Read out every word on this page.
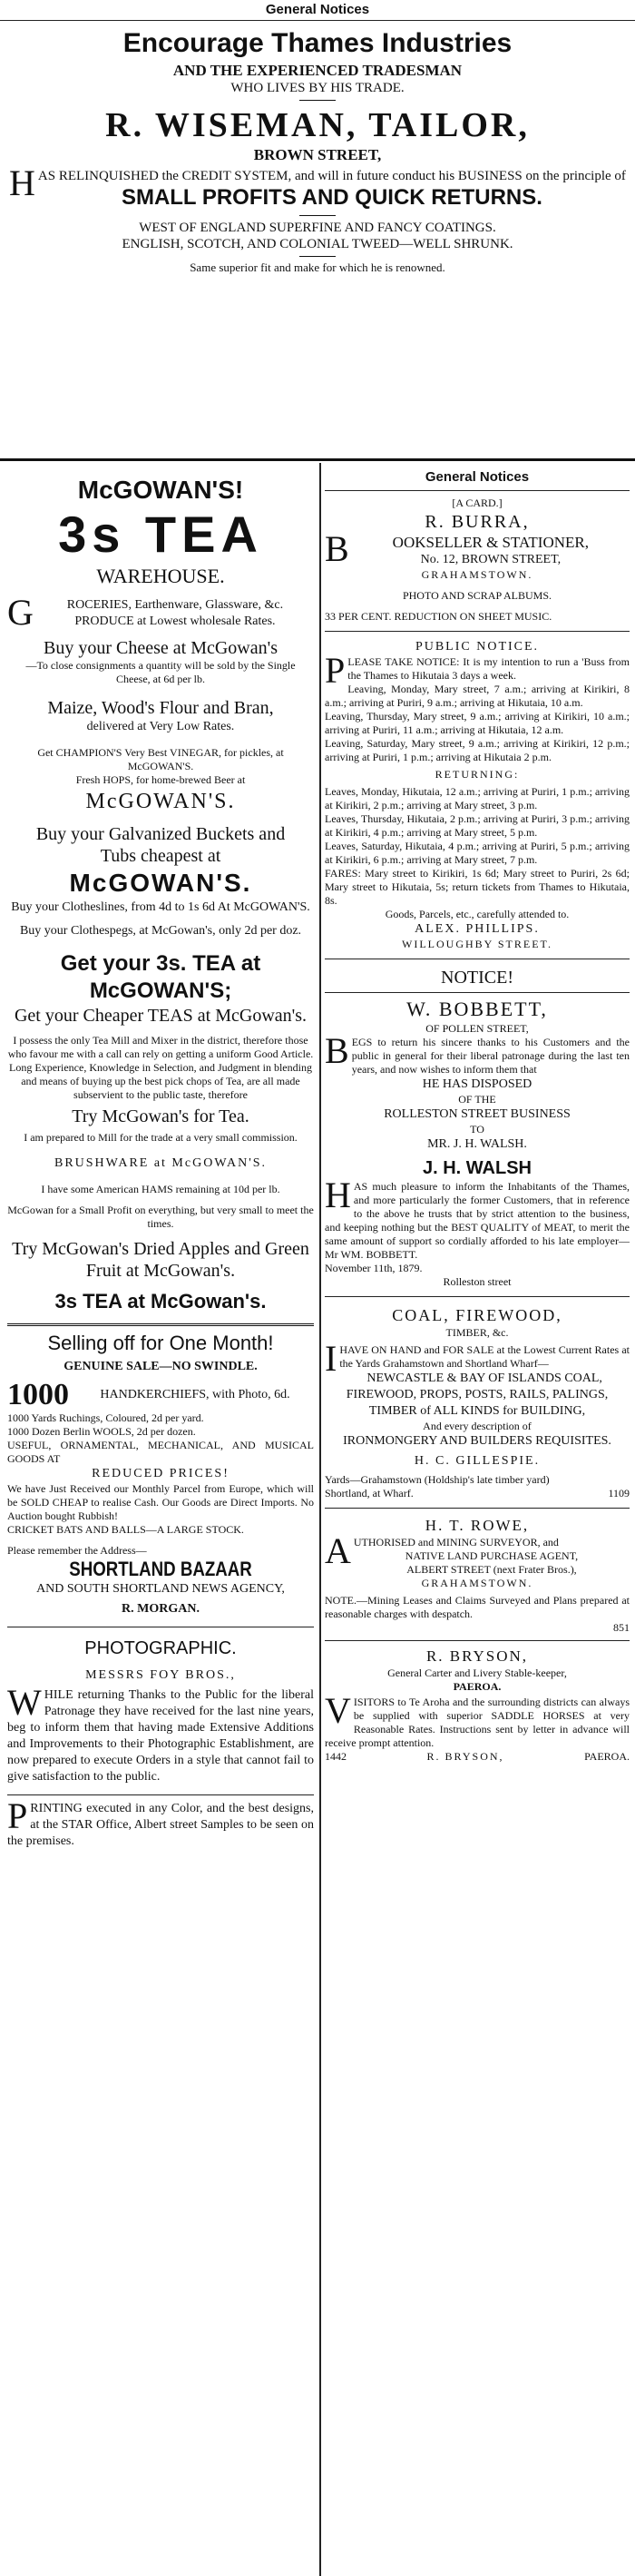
General Notices
Encourage Thames Industries
AND THE EXPERIENCED TRADESMAN
WHO LIVES BY HIS TRADE.
R. WISEMAN, TAILOR,
BROWN STREET,
HAS RELINQUISHED the CREDIT SYSTEM, and will in future conduct his BUSINESS on the principle of
SMALL PROFITS AND QUICK RETURNS.
WEST OF ENGLAND SUPERFINE AND FANCY COATINGS.
ENGLISH, SCOTCH, AND COLONIAL TWEED—WELL SHRUNK.
Same superior fit and make for which he is renowned.
McGOWAN'S!
3s TEA
WAREHOUSE.
GROCERIES, Earthenware, Glassware, &c.
PRODUCE at Lowest wholesale Rates.
Buy your Cheese at McGowan's
—To close consignments a quantity will be sold by the Single Cheese, at 6d per lb.
Maize, Wood's Flour and Bran,
delivered at Very Low Rates.
Get CHAMPION'S Very Best VINEGAR, for pickles, at McGOWAN'S.
Fresh HOPS, for home-brewed Beer at
McGOWAN'S.
Buy your Galvanized Buckets and Tubs cheapest at
McGOWAN'S.
Buy your Clotheslines, from 4d to 1s 6d At McGOWAN'S.
Buy your Clothespegs, at McGowan's, only 2d per doz.
Get your 3s. TEA at McGOWAN'S;
Get your Cheaper TEAS at McGowan's.
I possess the only Tea Mill and Mixer in the district, therefore those who favour me with a call can rely on getting a uniform Good Article.
Long Experience, Knowledge in Selection, and Judgment in blending and means of buying up the best pick chops of Tea, are all made subservient to the public taste, therefore
Try McGowan's for Tea.
I am prepared to Mill for the trade at a very small commission.
BRUSHWARE at McGOWAN'S.
I have some American HAMS remaining at 10d per lb.
McGowan for a Small Profit on everything, but very small to meet the times.
Try McGowan's Dried Apples and Green Fruit at McGowan's.
3s TEA at McGowan's.
Selling off for One Month!
GENUINE SALE—NO SWINDLE.
1000	HANDKERCHIEFS, with Photo, 6d.
1000 Yards Ruchings, Coloured, 2d per yard.
1000 Dozen Berlin WOOLS, 2d per dozen.
USEFUL, ORNAMENTAL, MECHANICAL, AND MUSICAL GOODS AT
REDUCED PRICES!
We have Just Received our Monthly Parcel from Europe, which will be SOLD CHEAP to realise Cash. Our Goods are Direct Imports. No Auction bought Rubbish!
CRICKET BATS AND BALLS—A LARGE STOCK.
Please remember the Address—
SHORTLAND BAZAAR
AND SOUTH SHORTLAND NEWS AGENCY,
R. MORGAN.
PHOTOGRAPHIC.
MESSRS FOY BROS.,
WHILE returning Thanks to the Public for the liberal Patronage they have received for the last nine years, beg to inform them that having made Extensive Additions and Improvements to their Photographic Establishment, are now prepared to execute Orders in a style that cannot fail to give satisfaction to the public.
PRINTING executed in any Color, and the best designs, at the STAR Office, Albert street Samples to be seen on the premises.
General Notices
[A CARD.]
R. BURRA,
BOOKSELLER & STATIONER,
No. 12, BROWN STREET,
GRAHAMSTOWN.
PHOTO AND SCRAP ALBUMS.
33 PER CENT. REDUCTION ON SHEET MUSIC.
PUBLIC NOTICE.
PLEASE TAKE NOTICE: It is my intention to run a 'Buss from the Thames to Hikutaia 3 days a week.
Leaving, Monday, Mary street, 7 a.m.; arriving at Kirikiri, 8 a.m.; arriving at Puriri, 9 a.m.; arriving at Hikutaia, 10 a.m.
Leaving, Thursday, Mary street, 9 a.m.; arriving at Kirikiri, 10 a.m.; arriving at Puriri, 11 a.m.; arriving at Hikutaia, 12 a.m.
Leaving, Saturday, Mary street, 9 a.m.; arriving at Kirikiri, 12 p.m.; arriving at Puriri, 1 p.m.; arriving at Hikutaia 2 p.m.
RETURNING:
Leaves, Monday, Hikutaia, 12 a.m.; arriving at Puriri, 1 p.m.; arriving at Kirikiri, 2 p.m.; arriving at Mary street, 3 p.m.
Leaves, Thursday, Hikutaia, 2 p.m.; arriving at Puriri, 3 p.m.; arriving at Kirikiri, 4 p.m.; arriving at Mary street, 5 p.m.
Leaves, Saturday, Hikutaia, 4 p.m.; arriving at Puriri, 5 p.m.; arriving at Kirikiri, 6 p.m.; arriving at Mary street, 7 p.m.
FARES: Mary street to Kirikiri, 1s 6d; Mary street to Puriri, 2s 6d; Mary street to Hikutaia, 5s; return tickets from Thames to Hikutaia, 8s.
Goods, Parcels, etc., carefully attended to.
ALEX. PHILLIPS.
WILLOUGHBY STREET.
NOTICE!
W. BOBBETT,
OF POLLEN STREET,
BEGS to return his sincere thanks to his Customers and the public in general for their liberal patronage during the last ten years, and now wishes to inform them that
HE HAS DISPOSED
OF THE
ROLLESTON STREET BUSINESS
TO
MR. J. H. WALSH.
J. H. WALSH
HAS much pleasure to inform the Inhabitants of the Thames, and more particularly the former Customers, that in reference to the above he trusts that by strict attention to the business, and keeping nothing but the BEST QUALITY of MEAT, to merit the same amount of support so cordially afforded to his late employer—Mr WM. BOBBETT.
November 11th, 1879.
Rolleston street
COAL, FIREWOOD,
TIMBER, &c.
IHAVE ON HAND and FOR SALE at the Lowest Current Rates at the Yards Grahamstown and Shortland Wharf—
NEWCASTLE & BAY OF ISLANDS COAL,
FIREWOOD, PROPS, POSTS, RAILS, PALINGS,
TIMBER of ALL KINDS for BUILDING,
And every description of
IRONMONGERY AND BUILDERS REQUISITES.
H. C. GILLESPIE.
Yards—Grahamstown (Holdship's late timber yard)
Shortland, at Wharf.	1109
H. T. ROWE,
AUTHORISED and MINING SURVEYOR, and
NATIVE LAND PURCHASE AGENT,
ALBERT STREET (next Frater Bros.),
GRAHAMSTOWN.
NOTE.—Mining Leases and Claims Surveyed and Plans prepared at reasonable charges with despatch.
851
R. BRYSON,
General Carter and Livery Stable-keeper,
PAEROA.
VISITORS to Te Aroha and the surrounding districts can always be supplied with superior SADDLE HORSES at very Reasonable Rates. Instructions sent by letter in advance will receive prompt attention.
1442	R. BRYSON,	PAEROA.
